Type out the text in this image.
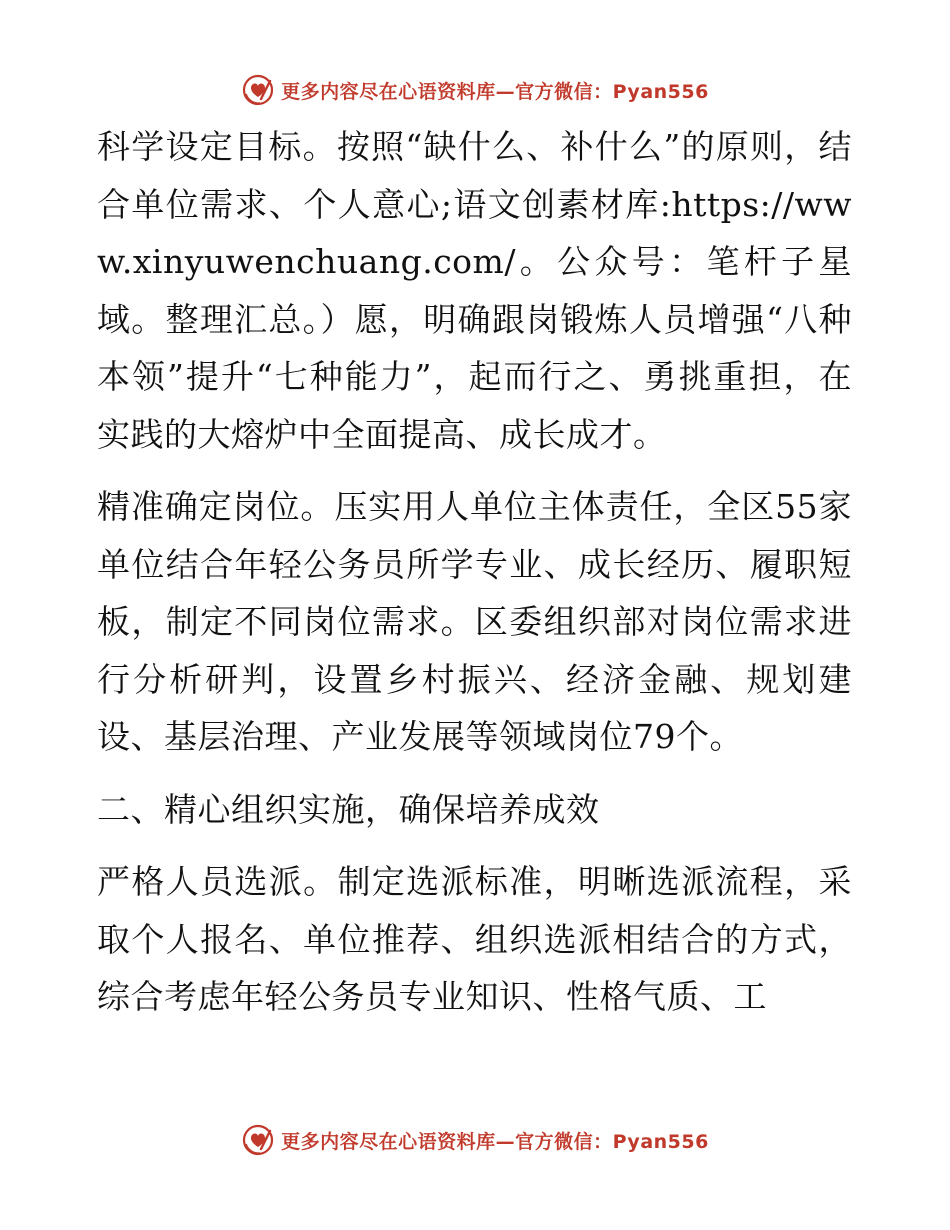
更多内容尽在心语资料库—官方微信：Pyan556

科学设定目标。按照“缺什么、补什么”的原则，结合单位需求、个人意心;语文创素材库:https://www.xinyuwenchuang.com/。公众号：笔杆子星域。整理汇总。）愿，明确跟岗锻炼人员增强“八种本领”提升“七种能力”，起而行之、勇挑重担，在实践的大熔炉中全面提高、成长成才。

精准确定岗位。压实用人单位主体责任，全区55家单位结合年轻公务员所学专业、成长经历、履职短板，制定不同岗位需求。区委组织部对岗位需求进行分析研判，设置乡村振兴、经济金融、规划建设、基层治理、产业发展等领域岗位79个。

二、精心组织实施，确保培养成效

严格人员选派。制定选派标准，明晰选派流程，采取个人报名、单位推荐、组织选派相结合的方式，综合考虑年轻公务员专业知识、性格气质、工

更多内容尽在心语资料库—官方微信：Pyan556
